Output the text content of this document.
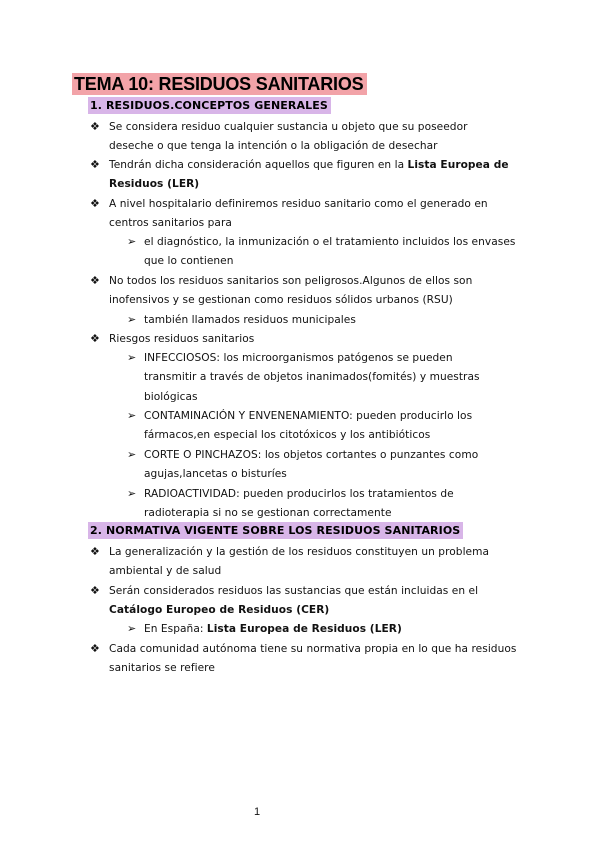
TEMA 10: RESIDUOS SANITARIOS
1. RESIDUOS.CONCEPTOS GENERALES
❖ Se considera residuo cualquier sustancia u objeto que su poseedor
deseche o que tenga la intención o la obligación de desechar
❖ Tendrán dicha consideración aquellos que figuren en la Lista Europea de
Residuos (LER)
❖ A nivel hospitalario definiremos residuo sanitario como el generado en
centros sanitarios para
➢ el diagnóstico, la inmunización o el tratamiento incluidos los envases
que lo contienen
❖ No todos los residuos sanitarios son peligrosos.Algunos de ellos son
inofensivos y se gestionan como residuos sólidos urbanos (RSU)
➢ también llamados residuos municipales
❖ Riesgos residuos sanitarios
➢ INFECCIOSOS: los microorganismos patógenos se pueden
transmitir a través de objetos inanimados(fomités) y muestras
biológicas
➢ CONTAMINACIÓN Y ENVENENAMIENTO: pueden producirlo los
fármacos,en especial los citotóxicos y los antibióticos
➢ CORTE O PINCHAZOS: los objetos cortantes o punzantes como
agujas,lancetas o bisturíes
➢ RADIOACTIVIDAD: pueden producirlos los tratamientos de
radioterapia si no se gestionan correctamente
2. NORMATIVA VIGENTE SOBRE LOS RESIDUOS SANITARIOS
❖ La generalización y la gestión de los residuos constituyen un problema
ambiental y de salud
❖ Serán considerados residuos las sustancias que están incluidas en el
Catálogo Europeo de Residuos (CER)
➢ En España: Lista Europea de Residuos (LER)
❖ Cada comunidad autónoma tiene su normativa propia en lo que ha residuos
sanitarios se refiere
1
